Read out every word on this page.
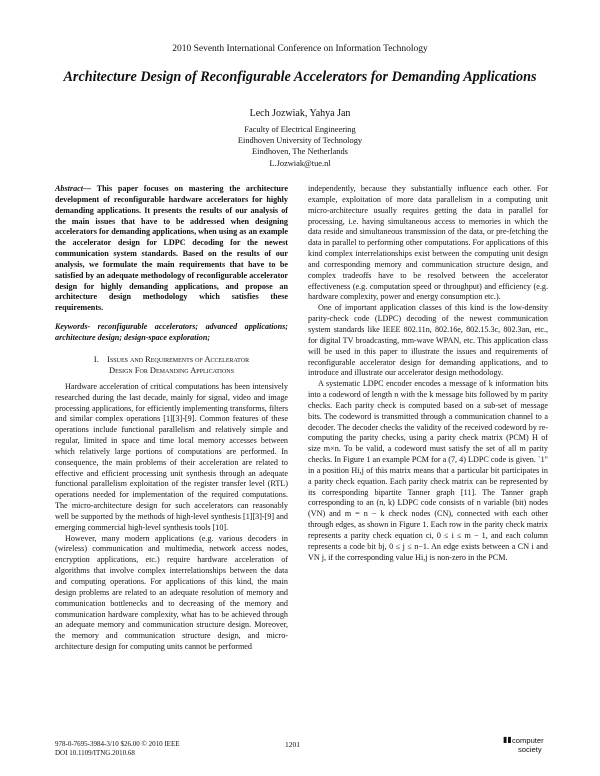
2010 Seventh International Conference on Information Technology
Architecture Design of Reconfigurable Accelerators for Demanding Applications
Lech Jozwiak, Yahya Jan
Faculty of Electrical Engineering
Eindhoven University of Technology
Eindhoven, The Netherlands
L.Jozwiak@tue.nl

Abstract— This paper focuses on mastering the architecture development of reconfigurable hardware accelerators for highly demanding applications. It presents the results of our analysis of the main issues that have to be addressed when designing accelerators for demanding applications, when using as an example the accelerator design for LDPC decoding for the newest communication system standards. Based on the results of our analysis, we formulate the main requirements that have to be satisfied by an adequate methodology of reconfigurable accelerator design for highly demanding applications, and propose an architecture design methodology which satisfies these requirements.

Keywords- reconfigurable accelerators; advanced applications; architecture design; design-space exploration;

I. Issues and Requirements of Accelerator
Design For Demanding Applications

Hardware acceleration of critical computations has been intensively researched during the last decade, mainly for signal, video and image processing applications, for efficiently implementing transforms, filters and similar complex operations [1][3]-[9]. Common features of these operations include functional parallelism and relatively simple and regular, limited in space and time local memory accesses between which relatively large portions of computations are performed. In consequence, the main problems of their acceleration are related to effective and efficient processing unit synthesis through an adequate functional parallelism exploitation of the register transfer level (RTL) operations needed for implementation of the required computations. The micro-architecture design for such accelerators can reasonably well be supported by the methods of high-level synthesis [1][3]-[9] and emerging commercial high-level synthesis tools [10].

However, many modern applications (e.g. various decoders in (wireless) communication and multimedia, network access nodes, encryption applications, etc.) require hardware acceleration of algorithms that involve complex interrelationships between the data and computing operations. For applications of this kind, the main design problems are related to an adequate resolution of memory and communication bottlenecks and to decreasing of the memory and communication hardware complexity, what has to be achieved through an adequate memory and communication structure design. Moreover, the memory and communication structure design, and micro-architecture design for computing units cannot be performed

independently, because they substantially influence each other. For example, exploitation of more data parallelism in a computing unit micro-architecture usually requires getting the data in parallel for processing, i.e. having simultaneous access to memories in which the data reside and simultaneous transmission of the data, or pre-fetching the data in parallel to performing other computations. For applications of this kind complex interrelationships exist between the computing unit design and corresponding memory and communication structure design, and complex tradeoffs have to be resolved between the accelerator effectiveness (e.g. computation speed or throughput) and efficiency (e.g. hardware complexity, power and energy consumption etc.).

One of important application classes of this kind is the low-density parity-check code (LDPC) decoding of the newest communication system standards like IEEE 802.11n, 802.16e, 802.15.3c, 802.3an, etc., for digital TV broadcasting, mm-wave WPAN, etc. This application class will be used in this paper to illustrate the issues and requirements of reconfigurable accelerator design for demanding applications, and to introduce and illustrate our accelerator design methodology.

A systematic LDPC encoder encodes a message of k information bits into a codeword of length n with the k message bits followed by m parity checks. Each parity check is computed based on a sub-set of message bits. The codeword is transmitted through a communication channel to a decoder. The decoder checks the validity of the received codeword by re-computing the parity checks, using a parity check matrix (PCM) H of size m×n. To be valid, a codeword must satisfy the set of all m parity checks. In Figure 1 an example PCM for a (7, 4) LDPC code is given. `1" in a position Hi,j of this matrix means that a particular bit participates in a parity check equation. Each parity check matrix can be represented by its corresponding bipartite Tanner graph [11]. The Tanner graph corresponding to an (n, k) LDPC code consists of n variable (bit) nodes (VN) and m = n − k check nodes (CN), connected with each other through edges, as shown in Figure 1. Each row in the parity check matrix represents a parity check equation ci, 0 ≤ i ≤ m − 1, and each column represents a code bit bj, 0 ≤ j ≤ n−1. An edge exists between a CN i and VN j, if the corresponding value Hi,j is non-zero in the PCM.

978-0-7695-3984-3/10 $26.00 © 2010 IEEE
DOI 10.1109/ITNG.2010.68
1201
▮▮ computer
society
